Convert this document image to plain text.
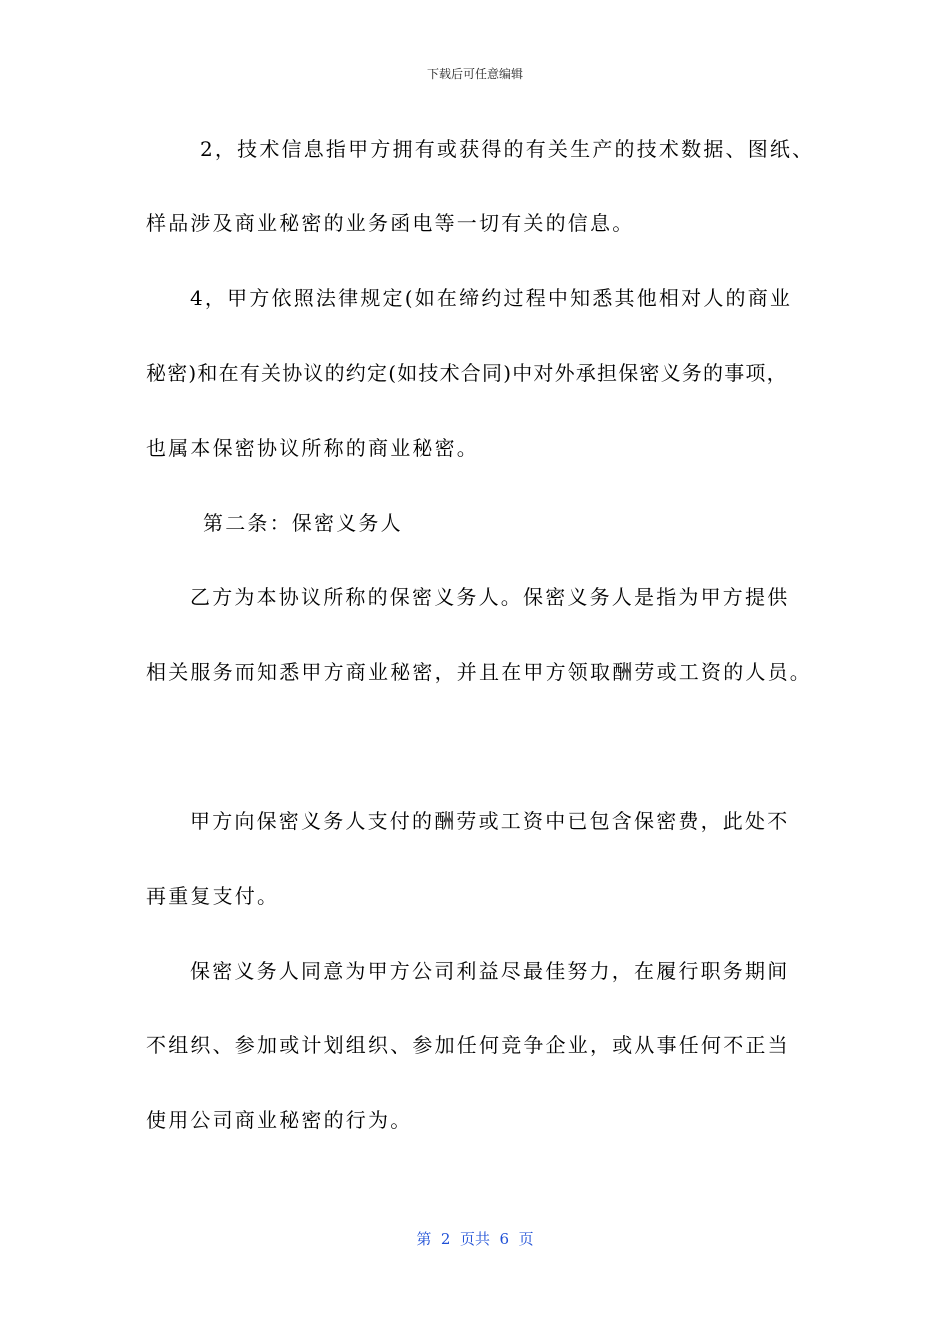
下载后可任意编辑
2，技术信息指甲方拥有或获得的有关生产的技术数据、图纸、
样品涉及商业秘密的业务函电等一切有关的信息。
4，甲方依照法律规定(如在缔约过程中知悉其他相对人的商业
秘密)和在有关协议的约定(如技术合同)中对外承担保密义务的事项，
也属本保密协议所称的商业秘密。
第二条：保密义务人
乙方为本协议所称的保密义务人。保密义务人是指为甲方提供
相关服务而知悉甲方商业秘密，并且在甲方领取酬劳或工资的人员。
甲方向保密义务人支付的酬劳或工资中已包含保密费，此处不
再重复支付。
保密义务人同意为甲方公司利益尽最佳努力，在履行职务期间
不组织、参加或计划组织、参加任何竞争企业，或从事任何不正当
使用公司商业秘密的行为。
第  2  页共  6  页
